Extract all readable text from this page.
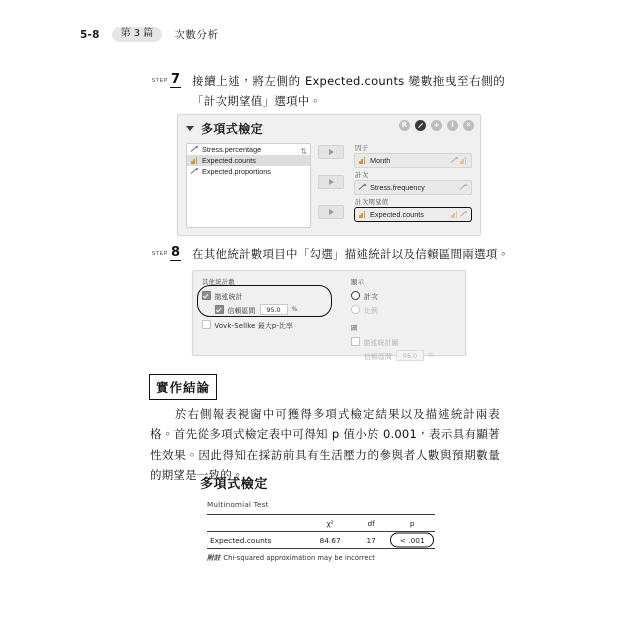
5-8	第 3 篇	次數分析
STEP 7 接續上述，將左側的 Expected.counts 變數拖曳至右側的「計次期望值」選項中。
多項式檢定	R	+	i	✕
⇅
Stress.percentage
Expected.counts
Expected.proportions
因子
Month
計次
Stress.frequency
計次期望值
Expected.counts
STEP 8 在其他統計數項目中「勾選」描述統計以及信賴區間兩選項。
其他統計數
描述統計
信賴區間	95.0	%
Vovk-Sellke 最大p-比率
顯示
計次
比例
圖
描述統計圖
信賴區間	95.0	%
實作結論
於右側報表視窗中可獲得多項式檢定結果以及描述統計兩表格。首先從多項式檢定表中可得知 p 值小於 0.001，表示具有顯著性效果。因此得知在採訪前具有生活壓力的參與者人數與預期數量的期望是一致的。
多項式檢定
Multinomial Test
	χ²	df	p
Expected.counts	84.67	17	< .001
附註 Chi-squared approximation may be incorrect
